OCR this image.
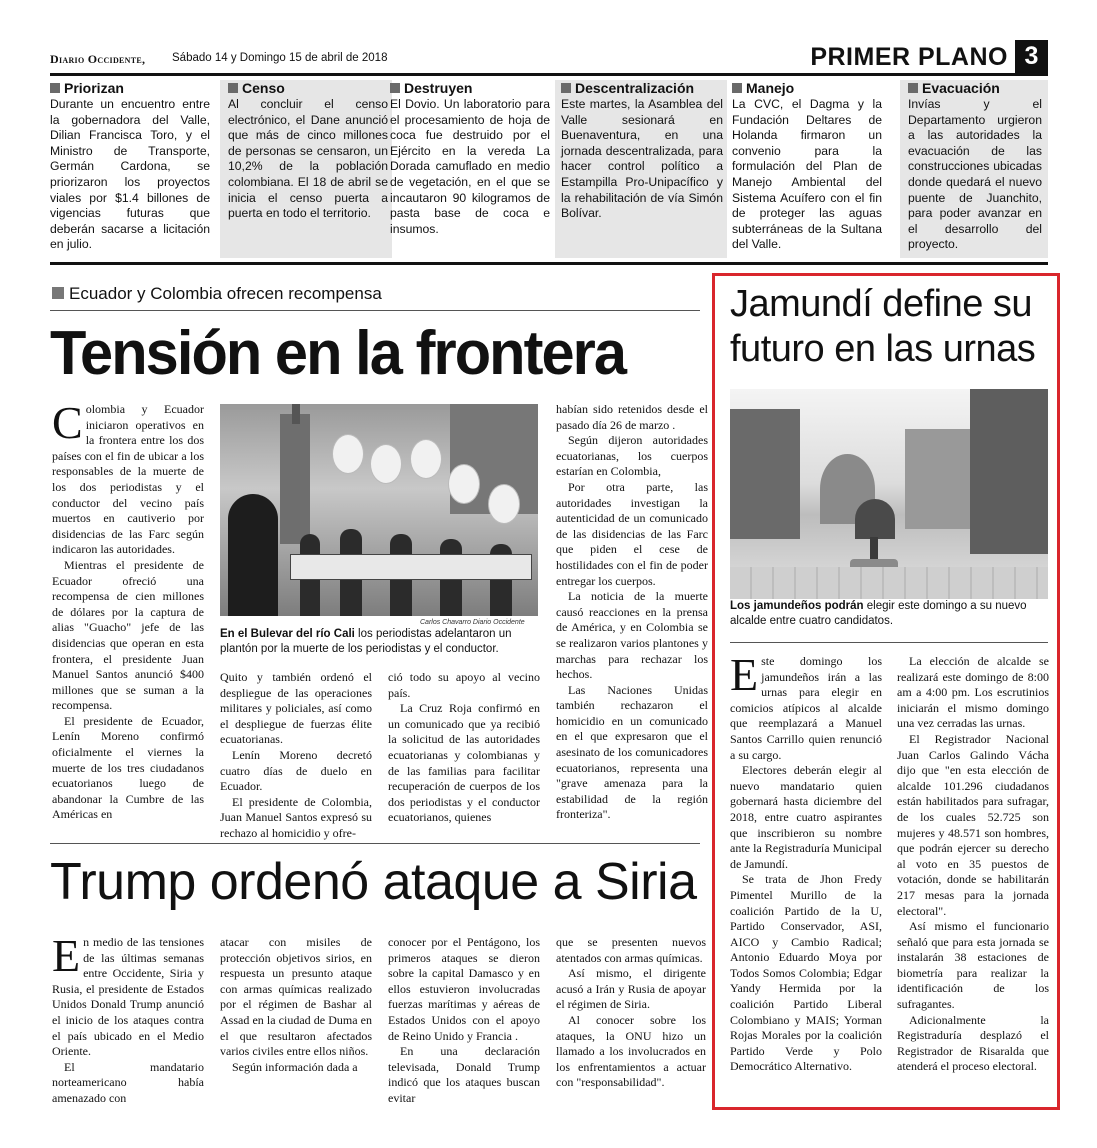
Diario Occidente, Sábado 14 y Domingo 15 de abril de 2018	PRIMER PLANO 3
Priorizan

Durante un encuentro entre la gobernadora del Valle, Dilian Francisca Toro, y el Ministro de Transporte, Germán Cardona, se priorizaron los proyectos viales por $1.4 billones de vigencias futuras que deberán sacarse a licitación en julio.

Censo

Al concluir el censo electrónico, el Dane anunció que más de cinco millones de personas se censaron, un 10,2% de la población colombiana. El 18 de abril se inicia el censo puerta a puerta en todo el territorio.

Destruyen

El Dovio. Un laboratorio para el procesamiento de hoja de coca fue destruido por el Ejército en la vereda La Dorada camuflado en medio de vegetación, en el que se incautaron 90 kilogramos de pasta base de coca e insumos.

Descentralización

Este martes, la Asamblea del Valle sesionará en Buenaventura, en una jornada descentralizada, para hacer control político a Estampilla Pro-Unipacífico y la rehabilitación de vía Simón Bolívar.

Manejo

La CVC, el Dagma y la Fundación Deltares de Holanda firmaron un convenio para la formulación del Plan de Manejo Ambiental del Sistema Acuífero con el fin de proteger las aguas subterráneas de la Sultana del Valle.

Evacuación

Invías y el Departamento urgieron a las autoridades la evacuación de las construcciones ubicadas donde quedará el nuevo puente de Juanchito, para poder avanzar en el desarrollo del proyecto.

Ecuador y Colombia ofrecen recompensa
Tensión en la frontera

Colombia y Ecuador iniciaron operativos en la frontera entre los dos países con el fin de ubicar a los responsables de la muerte de los dos periodistas y el conductor del vecino país muertos en cautiverio por disidencias de las Farc según indicaron las autoridades.

Mientras el presidente de Ecuador ofreció una recompensa de cien millones de dólares por la captura de alias "Guacho" jefe de las disidencias que operan en esta frontera, el presidente Juan Manuel Santos anunció $400 millones que se suman a la recompensa.

El presidente de Ecuador, Lenín Moreno confirmó oficialmente el viernes la muerte de los tres ciudadanos ecuatorianos luego de abandonar la Cumbre de las Américas en

Carlos Chavarro Diario Occidente
En el Bulevar del río Cali los periodistas adelantaron un plantón por la muerte de los periodistas y el conductor.

Quito y también ordenó el despliegue de las operaciones militares y policiales, así como el despliegue de fuerzas élite ecuatorianas.

Lenín Moreno decretó cuatro días de duelo en Ecuador.

El presidente de Colombia, Juan Manuel Santos expresó su rechazo al homicidio y ofre-

ció todo su apoyo al vecino país.

La Cruz Roja confirmó en un comunicado que ya recibió la solicitud de las autoridades ecuatorianas y colombianas y de las familias para facilitar recuperación de cuerpos de los dos periodistas y el conductor ecuatorianos, quienes

habían sido retenidos desde el pasado día 26 de marzo .

Según dijeron autoridades ecuatorianas, los cuerpos estarían en Colombia,

Por otra parte, las autoridades investigan la autenticidad de un comunicado de las disidencias de las Farc que piden el cese de hostilidades con el fin de poder entregar los cuerpos.

La noticia de la muerte causó reacciones en la prensa de América, y en Colombia se se realizaron varios plantones y marchas para rechazar los hechos.

Las Naciones Unidas también rechazaron el homicidio en un comunicado en el que expresaron que el asesinato de los comunicadores ecuatorianos, representa una "grave amenaza para la estabilidad de la región fronteriza".

Trump ordenó ataque a Siria

En medio de las tensiones de las últimas semanas entre Occidente, Siria y Rusia, el presidente de Estados Unidos Donald Trump anunció el inicio de los ataques contra el país ubicado en el Medio Oriente.

El mandatario norteamericano había amenazado con

atacar con misiles de protección objetivos sirios, en respuesta un presunto ataque con armas químicas realizado por el régimen de Bashar al Assad en la ciudad de Duma en el que resultaron afectados varios civiles entre ellos niños.

Según información dada a

conocer por el Pentágono, los primeros ataques se dieron sobre la capital Damasco y en ellos estuvieron involucradas fuerzas marítimas y aéreas de Estados Unidos con el apoyo de Reino Unido y Francia .

En una declaración televisada, Donald Trump indicó que los ataques buscan evitar

que se presenten nuevos atentados con armas químicas.

Así mismo, el dirigente acusó a Irán y Rusia de apoyar el régimen de Siria.

Al conocer sobre los ataques, la ONU hizo un llamado a los involucrados en los enfrentamientos a actuar con "responsabilidad".

Jamundí define su futuro en las urnas
Los jamundeños podrán elegir este domingo a su nuevo alcalde entre cuatro candidatos.

Este domingo los jamundeños irán a las urnas para elegir en comicios atípicos al alcalde que reemplazará a Manuel Santos Carrillo quien renunció a su cargo.

Electores deberán elegir al nuevo mandatario quien gobernará hasta diciembre del 2018, entre cuatro aspirantes que inscribieron su nombre ante la Registraduría Municipal de Jamundí.

Se trata de Jhon Fredy Pimentel Murillo de la coalición Partido de la U, Partido Conservador, ASI, AICO y Cambio Radical; Antonio Eduardo Moya por Todos Somos Colombia; Edgar Yandy Hermida por la coalición Partido Liberal Colombiano y MAIS; Yorman Rojas Morales por la coalición Partido Verde y Polo Democrático Alternativo.

La elección de alcalde se realizará este domingo de 8:00 am a 4:00 pm. Los escrutinios iniciarán el mismo domingo una vez cerradas las urnas.

El Registrador Nacional Juan Carlos Galindo Vácha dijo que "en esta elección de alcalde 101.296 ciudadanos están habilitados para sufragar, de los cuales 52.725 son mujeres y 48.571 son hombres, que podrán ejercer su derecho al voto en 35 puestos de votación, donde se habilitarán 217 mesas para la jornada electoral".

Así mismo el funcionario señaló que para esta jornada se instalarán 38 estaciones de biometría para realizar la identificación de los sufragantes.

Adicionalmente la Registraduría desplazó el Registrador de Risaralda que atenderá el proceso electoral.
